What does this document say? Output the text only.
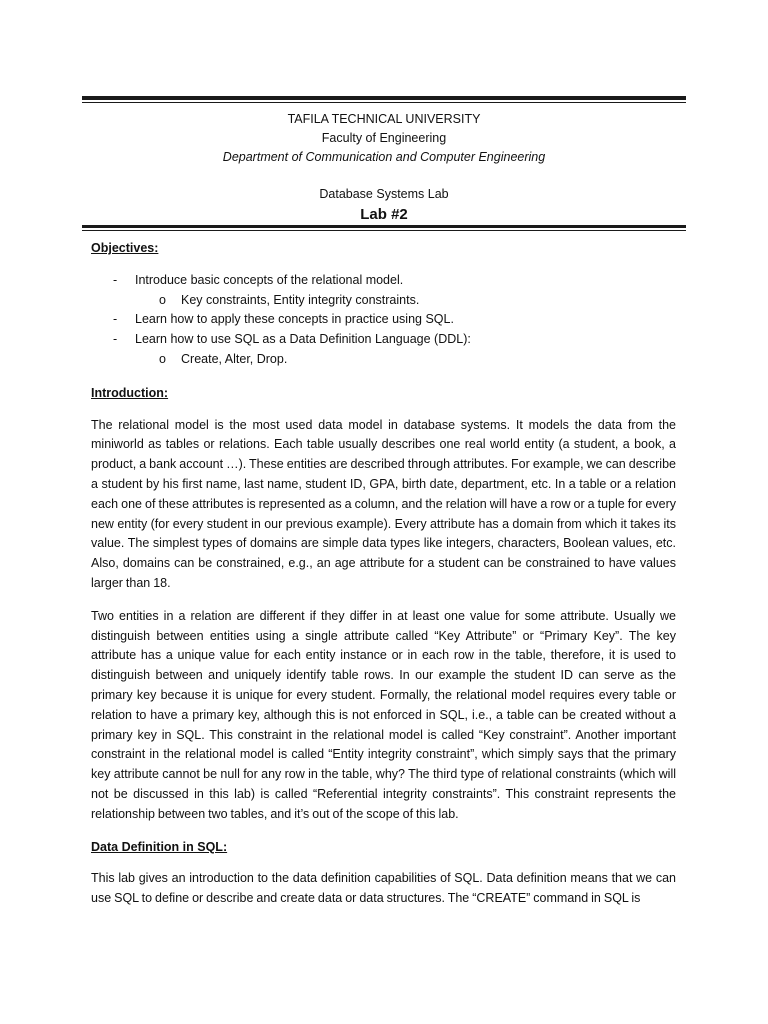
TAFILA TECHNICAL UNIVERSITY
Faculty of Engineering
Department of Communication and Computer Engineering
Database Systems Lab
Lab #2

Objectives:

- Introduce basic concepts of the relational model.
o Key constraints, Entity integrity constraints.
- Learn how to apply these concepts in practice using SQL.
- Learn how to use SQL as a Data Definition Language (DDL):
o Create, Alter, Drop.

Introduction:

The relational model is the most used data model in database systems. It models the data from the miniworld as tables or relations. Each table usually describes one real world entity (a student, a book, a product, a bank account …). These entities are described through attributes. For example, we can describe a student by his first name, last name, student ID, GPA, birth date, department, etc. In a table or a relation each one of these attributes is represented as a column, and the relation will have a row or a tuple for every new entity (for every student in our previous example). Every attribute has a domain from which it takes its value. The simplest types of domains are simple data types like integers, characters, Boolean values, etc. Also, domains can be constrained, e.g., an age attribute for a student can be constrained to have values larger than 18.

Two entities in a relation are different if they differ in at least one value for some attribute. Usually we distinguish between entities using a single attribute called “Key Attribute” or “Primary Key”. The key attribute has a unique value for each entity instance or in each row in the table, therefore, it is used to distinguish between and uniquely identify table rows. In our example the student ID can serve as the primary key because it is unique for every student. Formally, the relational model requires every table or relation to have a primary key, although this is not enforced in SQL, i.e., a table can be created without a primary key in SQL. This constraint in the relational model is called “Key constraint”. Another important constraint in the relational model is called “Entity integrity constraint”, which simply says that the primary key attribute cannot be null for any row in the table, why? The third type of relational constraints (which will not be discussed in this lab) is called “Referential integrity constraints”. This constraint represents the relationship between two tables, and it’s out of the scope of this lab.

Data Definition in SQL:

This lab gives an introduction to the data definition capabilities of SQL. Data definition means that we can use SQL to define or describe and create data or data structures. The “CREATE” command in SQL is
